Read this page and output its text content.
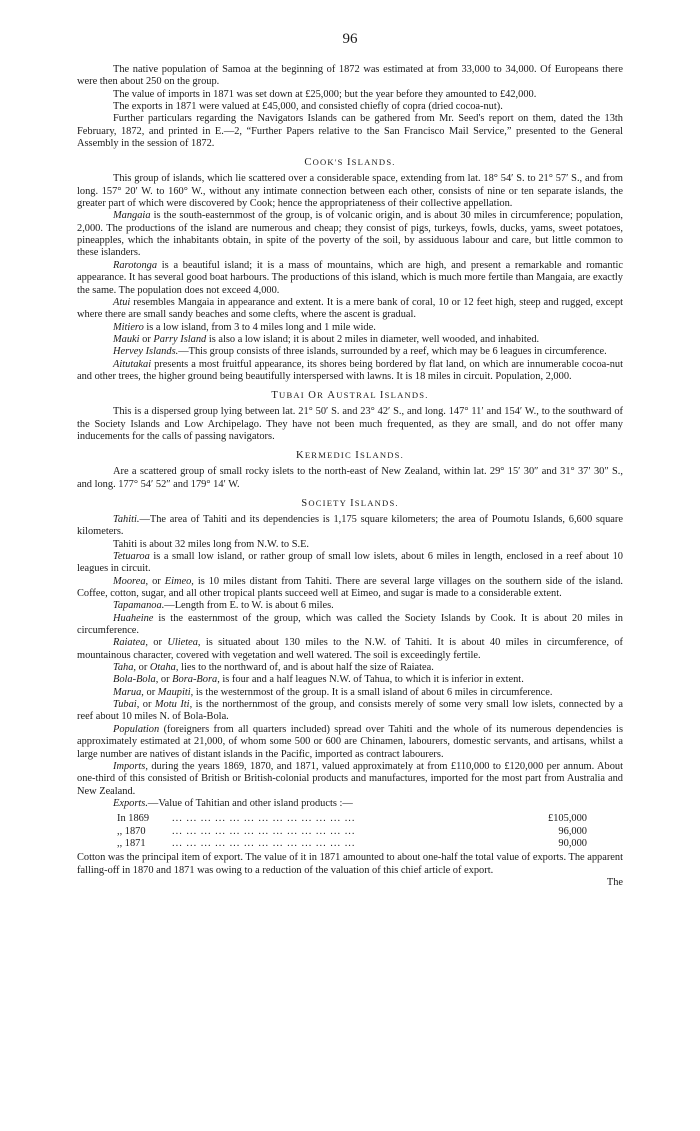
96

The native population of Samoa at the beginning of 1872 was estimated at from 33,000 to 34,000. Of Europeans there were then about 250 on the group.

The value of imports in 1871 was set down at £25,000; but the year before they amounted to £42,000.

The exports in 1871 were valued at £45,000, and consisted chiefly of copra (dried cocoa-nut).

Further particulars regarding the Navigators Islands can be gathered from Mr. Seed's report on them, dated the 13th February, 1872, and printed in E.—2, “Further Papers relative to the San Francisco Mail Service,” presented to the General Assembly in the session of 1872.

COOK'S ISLANDS.

This group of islands, which lie scattered over a considerable space, extending from lat. 18° 54′ S. to 21° 57′ S., and from long. 157° 20′ W. to 160° W., without any intimate connection between each other, consists of nine or ten separate islands, the greater part of which were discovered by Cook; hence the appropriateness of their collective appellation.

Mangaia is the south-easternmost of the group, is of volcanic origin, and is about 30 miles in circumference; population, 2,000. The productions of the island are numerous and cheap; they consist of pigs, turkeys, fowls, ducks, yams, sweet potatoes, pineapples, which the inhabitants obtain, in spite of the poverty of the soil, by assiduous labour and care, but little common to these islanders.

Rarotonga is a beautiful island; it is a mass of mountains, which are high, and present a remarkable and romantic appearance. It has several good boat harbours. The productions of this island, which is much more fertile than Mangaia, are exactly the same. The population does not exceed 4,000.

Atui resembles Mangaia in appearance and extent. It is a mere bank of coral, 10 or 12 feet high, steep and rugged, except where there are small sandy beaches and some clefts, where the ascent is gradual.

Mitiero is a low island, from 3 to 4 miles long and 1 mile wide.

Mauki or Parry Island is also a low island; it is about 2 miles in diameter, well wooded, and inhabited.

Hervey Islands.—This group consists of three islands, surrounded by a reef, which may be 6 leagues in circumference.

Aitutakai presents a most fruitful appearance, its shores being bordered by flat land, on which are innumerable cocoa-nut and other trees, the higher ground being beautifully interspersed with lawns. It is 18 miles in circuit. Population, 2,000.

TUBAI OR AUSTRAL ISLANDS.

This is a dispersed group lying between lat. 21° 50′ S. and 23° 42′ S., and long. 147° 11′ and 154′ W., to the southward of the Society Islands and Low Archipelago. They have not been much frequented, as they are small, and do not offer many inducements for the calls of passing navigators.

KERMEDIC ISLANDS.

Are a scattered group of small rocky islets to the north-east of New Zealand, within lat. 29° 15′ 30″ and 31° 37′ 30″ S., and long. 177° 54′ 52″ and 179° 14′ W.

SOCIETY ISLANDS.

Tahiti.—The area of Tahiti and its dependencies is 1,175 square kilometers; the area of Poumotu Islands, 6,600 square kilometers.

Tahiti is about 32 miles long from N.W. to S.E.

Tetuaroa is a small low island, or rather group of small low islets, about 6 miles in length, enclosed in a reef about 10 leagues in circuit.

Moorea, or Eimeo, is 10 miles distant from Tahiti. There are several large villages on the southern side of the island. Coffee, cotton, sugar, and all other tropical plants succeed well at Eimeo, and sugar is made to a considerable extent.

Tapamanoa.—Length from E. to W. is about 6 miles.

Huaheine is the easternmost of the group, which was called the Society Islands by Cook. It is about 20 miles in circumference.

Raiatea, or Ulietea, is situated about 130 miles to the N.W. of Tahiti. It is about 40 miles in circumference, of mountainous character, covered with vegetation and well watered. The soil is exceedingly fertile.

Taha, or Otaha, lies to the northward of, and is about half the size of Raiatea.

Bola-Bola, or Bora-Bora, is four and a half leagues N.W. of Tahua, to which it is inferior in extent.

Marua, or Maupiti, is the westernmost of the group. It is a small island of about 6 miles in circumference.

Tubai, or Motu Iti, is the northernmost of the group, and consists merely of some very small low islets, connected by a reef about 10 miles N. of Bola-Bola.

Population (foreigners from all quarters included) spread over Tahiti and the whole of its numerous dependencies is approximately estimated at 21,000, of whom some 500 or 600 are Chinamen, labourers, domestic servants, and artisans, whilst a large number are natives of distant islands in the Pacific, imported as contract labourers.

Imports, during the years 1869, 1870, and 1871, valued approximately at from £110,000 to £120,000 per annum. About one-third of this consisted of British or British-colonial products and manufactures, imported for the most part from Australia and New Zealand.

Exports.—Value of Tahitian and other island products :—

In 1869	... ... ... ... ... ... ... ... ... ... ... ... ...	£105,000
,, 1870	... ... ... ... ... ... ... ... ... ... ... ... ...	96,000
,, 1871	... ... ... ... ... ... ... ... ... ... ... ... ...	90,000

Cotton was the principal item of export. The value of it in 1871 amounted to about one-half the total value of exports. The apparent falling-off in 1870 and 1871 was owing to a reduction of the valuation of this chief article of export.

The
